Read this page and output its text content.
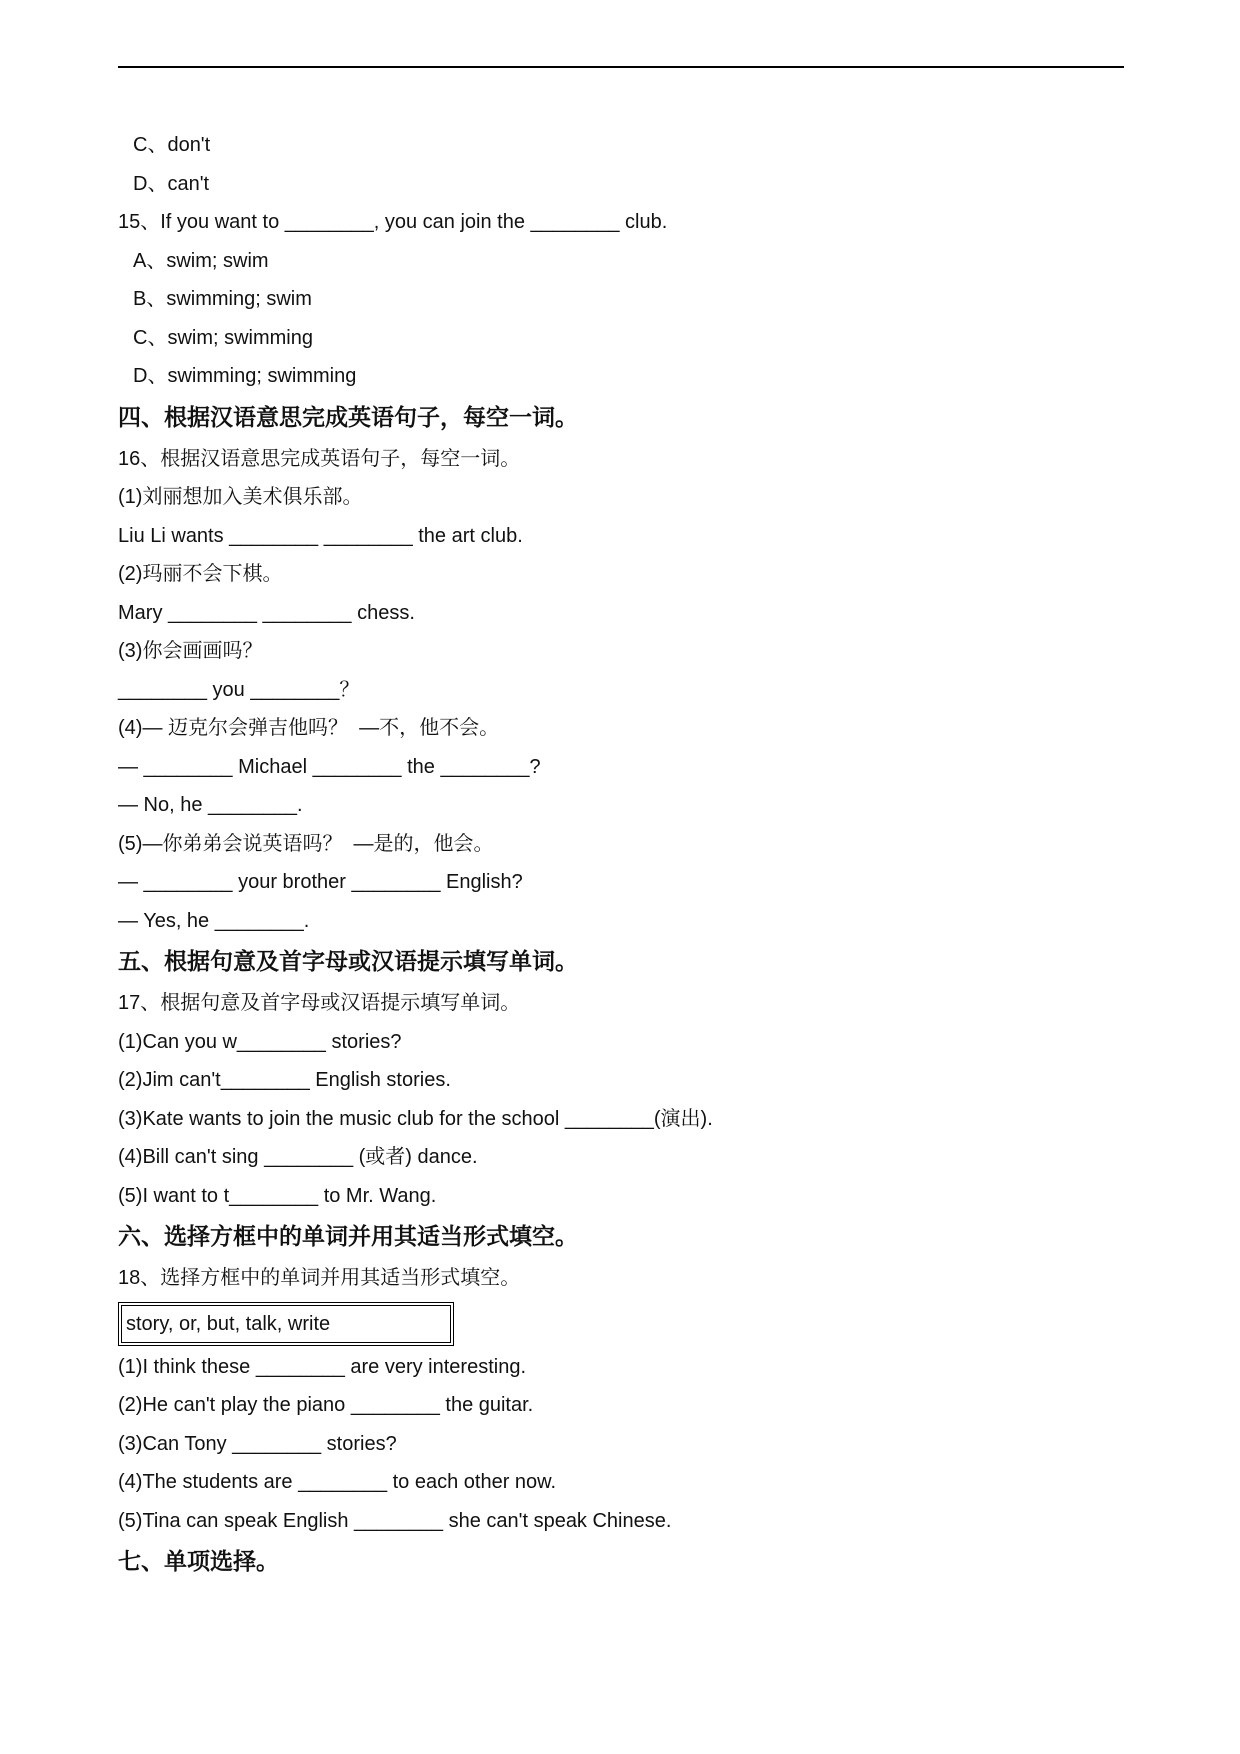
C、don't
D、can't
15、If you want to ________, you can join the ________ club.
A、swim; swim
B、swimming; swim
C、swim; swimming
D、swimming; swimming
四、根据汉语意思完成英语句子，每空一词。
16、根据汉语意思完成英语句子，每空一词。
(1)刘丽想加入美术俱乐部。
Liu Li wants ________ ________ the art club.
(2)玛丽不会下棋。
Mary ________ ________ chess.
(3)你会画画吗？
________ you ________？
(4)— 迈克尔会弹吉他吗？  —不，他不会。
— ________ Michael ________ the ________?
— No, he ________.
(5)—你弟弟会说英语吗？  —是的，他会。
— ________ your brother ________ English?
— Yes, he ________.
五、根据句意及首字母或汉语提示填写单词。
17、根据句意及首字母或汉语提示填写单词。
(1)Can you w________ stories?
(2)Jim can't________ English stories.
(3)Kate wants to join the music club for the school ________(演出).
(4)Bill can't sing ________ (或者) dance.
(5)I want to t________ to Mr. Wang.
六、选择方框中的单词并用其适当形式填空。
18、选择方框中的单词并用其适当形式填空。
story, or, but, talk, write
(1)I think these ________ are very interesting.
(2)He can't play the piano ________ the guitar.
(3)Can Tony ________ stories?
(4)The students are ________ to each other now.
(5)Tina can speak English ________ she can't speak Chinese.
七、单项选择。
